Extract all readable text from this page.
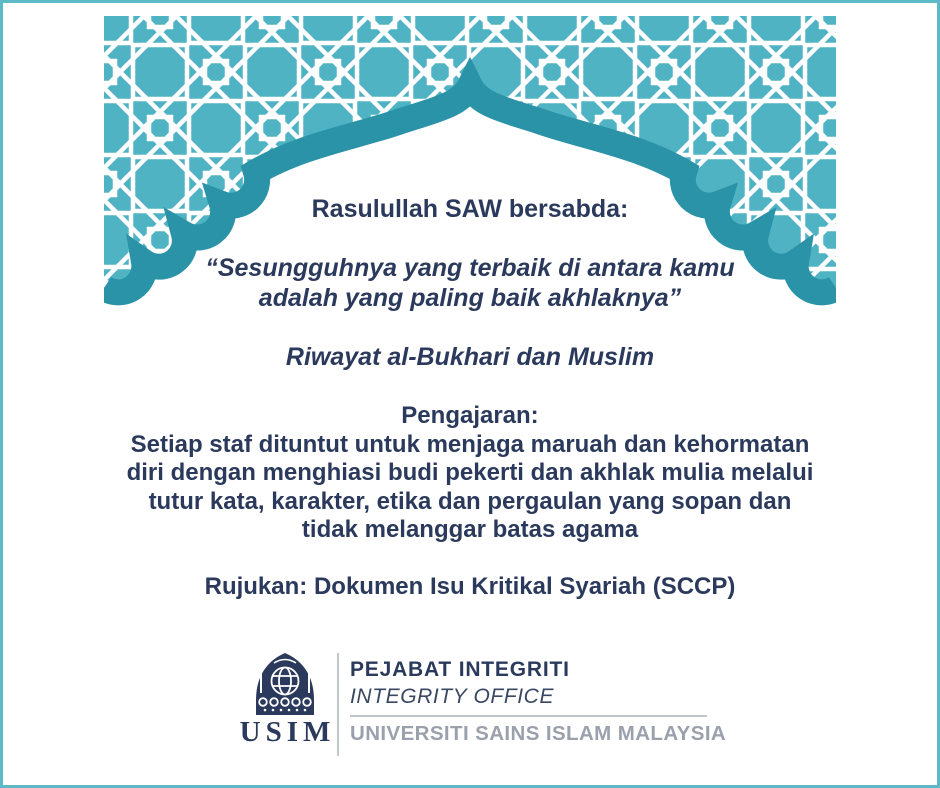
Rasulullah SAW bersabda:
“Sesungguhnya yang terbaik di antara kamu
adalah yang paling baik akhlaknya”
Riwayat al-Bukhari dan Muslim
Pengajaran:
Setiap staf dituntut untuk menjaga maruah dan kehormatan
diri dengan menghiasi budi pekerti dan akhlak mulia melalui
tutur kata, karakter, etika dan pergaulan yang sopan dan
tidak melanggar batas agama
Rujukan: Dokumen Isu Kritikal Syariah (SCCP)
USIM
PEJABAT INTEGRITI
INTEGRITY OFFICE
UNIVERSITI SAINS ISLAM MALAYSIA
